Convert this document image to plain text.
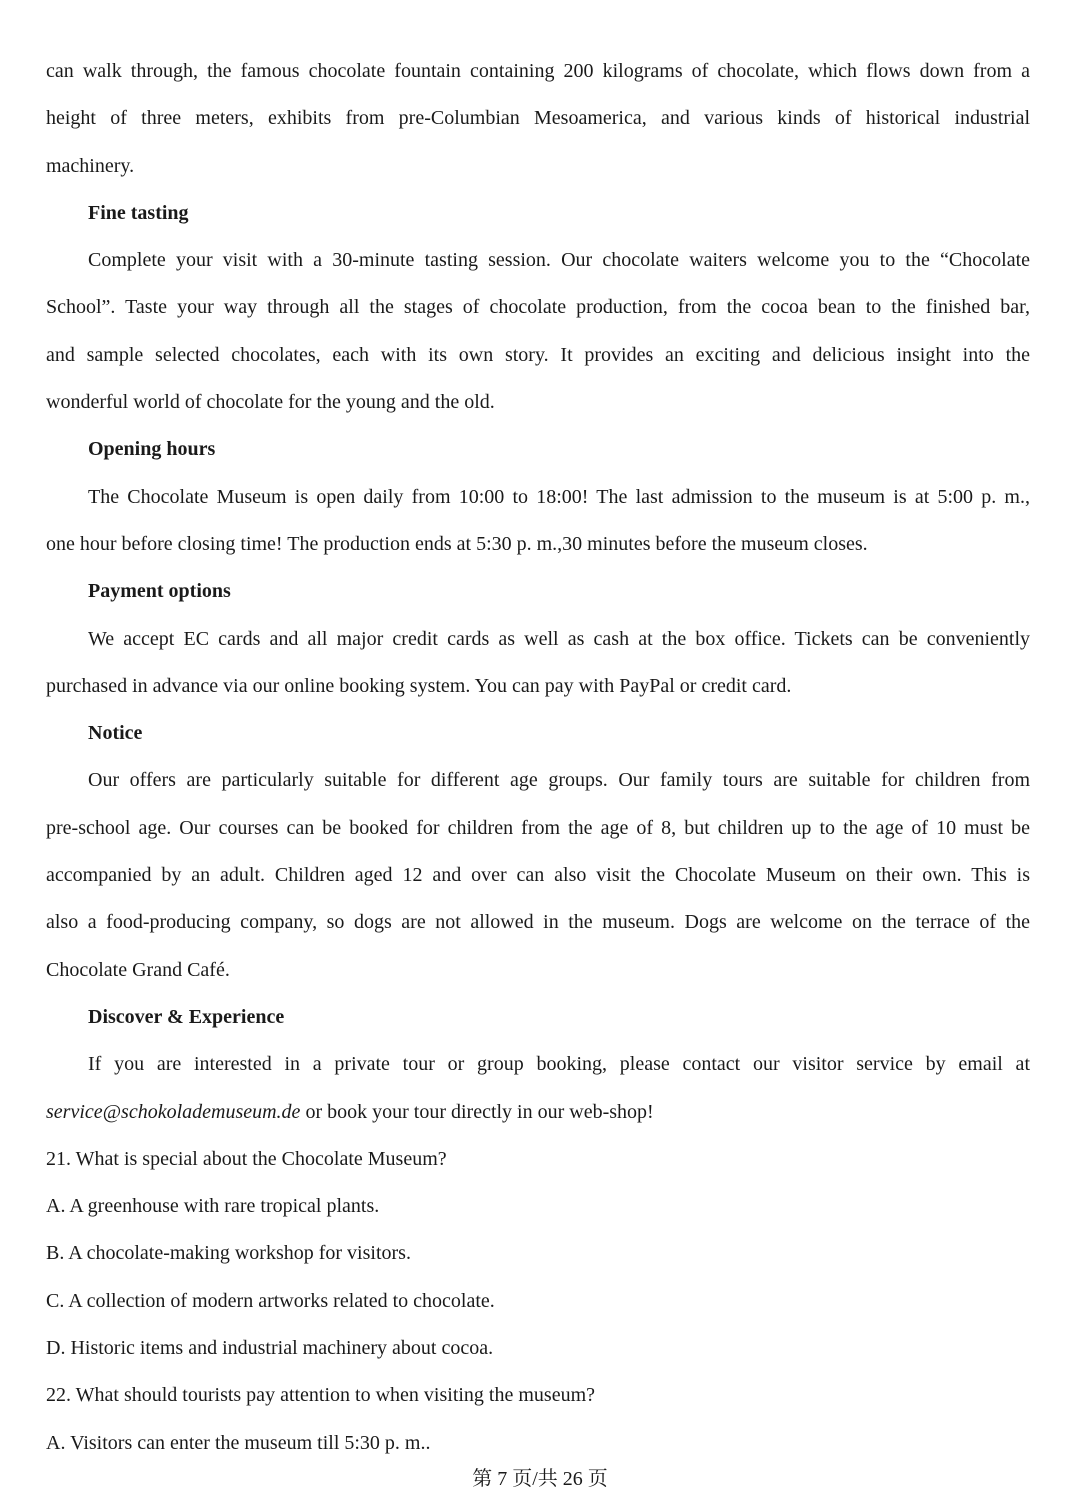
can walk through, the famous chocolate fountain containing 200 kilograms of chocolate, which flows down from a
height of three meters, exhibits from pre-Columbian Mesoamerica, and various kinds of historical industrial
machinery.
Fine tasting
Complete your visit with a 30-minute tasting session. Our chocolate waiters welcome you to the “Chocolate
School”. Taste your way through all the stages of chocolate production, from the cocoa bean to the finished bar,
and sample selected chocolates, each with its own story. It provides an exciting and delicious insight into the
wonderful world of chocolate for the young and the old.
Opening hours
The Chocolate Museum is open daily from 10:00 to 18:00! The last admission to the museum is at 5:00 p. m.,
one hour before closing time! The production ends at 5:30 p. m.,30 minutes before the museum closes.
Payment options
We accept EC cards and all major credit cards as well as cash at the box office. Tickets can be conveniently
purchased in advance via our online booking system. You can pay with PayPal or credit card.
Notice
Our offers are particularly suitable for different age groups. Our family tours are suitable for children from
pre-school age. Our courses can be booked for children from the age of 8, but children up to the age of 10 must be
accompanied by an adult. Children aged 12 and over can also visit the Chocolate Museum on their own. This is
also a food-producing company, so dogs are not allowed in the museum. Dogs are welcome on the terrace of the
Chocolate Grand Café.
Discover & Experience
If you are interested in a private tour or group booking, please contact our visitor service by email at
service@schokolademuseum.de or book your tour directly in our web-shop!
21. What is special about the Chocolate Museum?
A. A greenhouse with rare tropical plants.
B. A chocolate-making workshop for visitors.
C. A collection of modern artworks related to chocolate.
D. Historic items and industrial machinery about cocoa.
22. What should tourists pay attention to when visiting the museum?
A. Visitors can enter the museum till 5:30 p. m..
第 7 页/共 26 页
